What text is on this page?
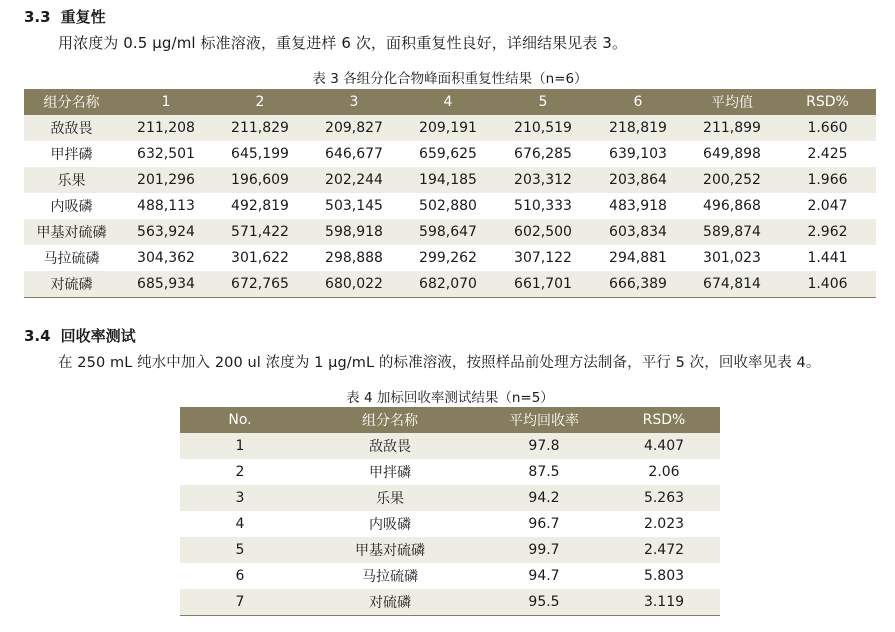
3.3 重复性
用浓度为 0.5 µg/ml 标准溶液，重复进样 6 次，面积重复性良好，详细结果见表 3。
表 3 各组分化合物峰面积重复性结果（n=6）
组分名称	1	2	3	4	5	6	平均值	RSD%
敌敌畏	211,208	211,829	209,827	209,191	210,519	218,819	211,899	1.660
甲拌磷	632,501	645,199	646,677	659,625	676,285	639,103	649,898	2.425
乐果	201,296	196,609	202,244	194,185	203,312	203,864	200,252	1.966
内吸磷	488,113	492,819	503,145	502,880	510,333	483,918	496,868	2.047
甲基对硫磷	563,924	571,422	598,918	598,647	602,500	603,834	589,874	2.962
马拉硫磷	304,362	301,622	298,888	299,262	307,122	294,881	301,023	1.441
对硫磷	685,934	672,765	680,022	682,070	661,701	666,389	674,814	1.406
3.4 回收率测试
在 250 mL 纯水中加入 200 ul 浓度为 1 µg/mL 的标准溶液，按照样品前处理方法制备，平行 5 次，回收率见表 4。
表 4 加标回收率测试结果（n=5）
No.	组分名称	平均回收率	RSD%
1	敌敌畏	97.8	4.407
2	甲拌磷	87.5	2.06
3	乐果	94.2	5.263
4	内吸磷	96.7	2.023
5	甲基对硫磷	99.7	2.472
6	马拉硫磷	94.7	5.803
7	对硫磷	95.5	3.119
